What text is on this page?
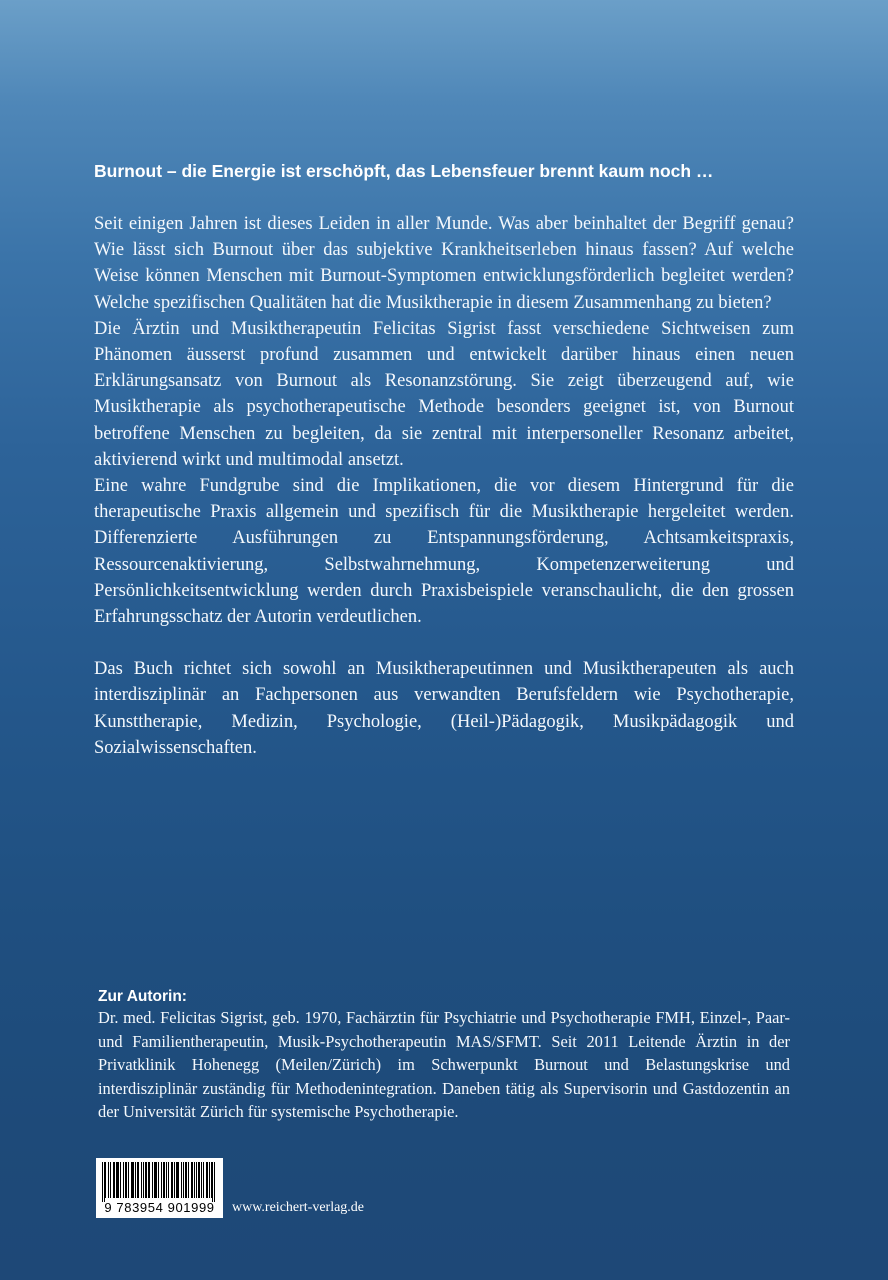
Burnout – die Energie ist erschöpft, das Lebensfeuer brennt kaum noch …

Seit einigen Jahren ist dieses Leiden in aller Munde. Was aber beinhaltet der Begriff genau? Wie lässt sich Burnout über das subjektive Krankheitserleben hinaus fassen? Auf welche Weise können Menschen mit Burnout-Symptomen entwicklungsförderlich begleitet werden? Welche spezifischen Qualitäten hat die Musiktherapie in diesem Zusammenhang zu bieten?

Die Ärztin und Musiktherapeutin Felicitas Sigrist fasst verschiedene Sichtweisen zum Phänomen äusserst profund zusammen und entwickelt darüber hinaus einen neuen Erklärungsansatz von Burnout als Resonanzstörung. Sie zeigt überzeugend auf, wie Musiktherapie als psychotherapeutische Methode besonders geeignet ist, von Burnout betroffene Menschen zu begleiten, da sie zentral mit interpersoneller Resonanz arbeitet, aktivierend wirkt und multimodal ansetzt.

Eine wahre Fundgrube sind die Implikationen, die vor diesem Hintergrund für die therapeutische Praxis allgemein und spezifisch für die Musiktherapie hergeleitet werden. Differenzierte Ausführungen zu Entspannungsförderung, Achtsamkeitspraxis, Ressourcenaktivierung, Selbstwahrnehmung, Kompetenzerweiterung und Persönlichkeitsentwicklung werden durch Praxisbeispiele veranschaulicht, die den grossen Erfahrungsschatz der Autorin verdeutlichen.

Das Buch richtet sich sowohl an Musiktherapeutinnen und Musiktherapeuten als auch interdisziplinär an Fachpersonen aus verwandten Berufsfeldern wie Psychotherapie, Kunsttherapie, Medizin, Psychologie, (Heil-)Pädagogik, Musikpädagogik und Sozialwissenschaften.

Zur Autorin:
Dr. med. Felicitas Sigrist, geb. 1970, Fachärztin für Psychiatrie und Psychotherapie FMH, Einzel-, Paar- und Familientherapeutin, Musik-Psychotherapeutin MAS/SFMT. Seit 2011 Leitende Ärztin in der Privatklinik Hohenegg (Meilen/Zürich) im Schwerpunkt Burnout und Belastungskrise und interdisziplinär zuständig für Methodenintegration. Daneben tätig als Supervisorin und Gastdozentin an der Universität Zürich für systemische Psychotherapie.
9 783954 901999	www.reichert-verlag.de
